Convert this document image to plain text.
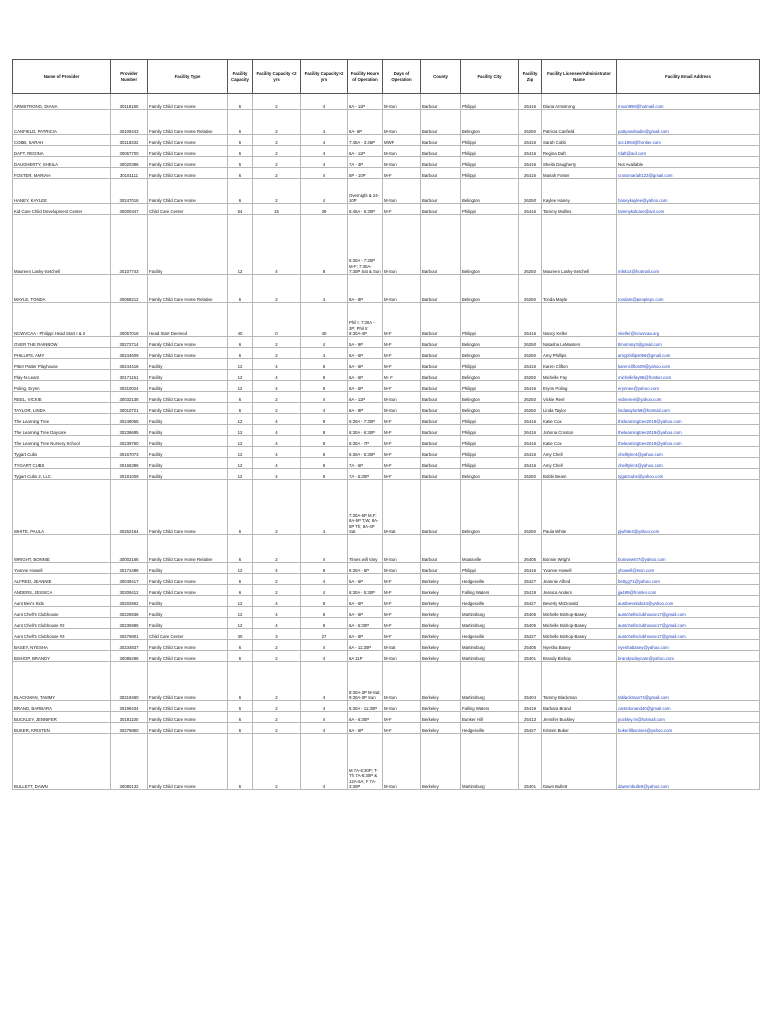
Name of Provider	Provider Number	Facility Type	Facility Capacity	Facility Capacity <2 yrs	Facility Capacity>2 yrs	Facility Hours of Operation	Days of Operation	County	Facility City	Facility Zip	Facility Licensee/Administrator Name	Facility Email Address
ARMSTRONG, DIANA	30118180	Family Child Care Home	6	2	4	6A - 11P	M-Sun	Barbour	Philippi	26416	Diana Armstrong	moon990@hotmail.com
CANFIELD, PATRICIA	30109443	Family Child Care Home Relative	6	2	4	6A- 6P	M-Sun	Barbour	Belington	26250	Patricia Canfield	pattyandsadie@gmail.com
COBB, SARAH	30118332	Family Child Care Home	6	2	4	7:45A - 3:45P	MWF	Barbour	Philippi	26416	Sarah Cobb	scc1994@frontier.com
DAFT, REGINA	30067700	Family Child Care Home	6	2	4	6A - 11P	M-Sun	Barbour	Philippi	26416	Regina Daft	rdaft@aol.com
DAUGHERTY, SHEILA	30020396	Family Child Care Home	6	2	4	7A - 4P	M-Sun	Barbour	Philippi	26416	Sheila Daugherty	Not Available
FOSTER, MARIAH	30181111	Family Child Care Home	6	2	4	5P - 10P	M-F	Barbour	Philippi	26416	Mariah Foster	crossmariah123@gmail.com
HANEY, KAYLEE	30247016	Family Child Care Home	6	2	4	Overnight & 24-10P	M-Sun	Barbour	Belington	26250	Kaylee Haney	haneykaylee@yahoo.com
Kid Care Child Development Center	30000347	Child Care Center	54	15	39	6:45A - 5:30P	M-F	Barbour	Philippi	26416	Tammy Mullins	tammykidcare@aol.com
Maureen Lasky-Setchell	30107743	Facility	12	4	8	6:30A - 7:30P M-F; 7:30A- 7:30P Sat & Sun	M-Sun	Barbour	Belington	26250	Maureen Lasky-Setchell	mlsk14@hotmail.com
MAYLE, TONDA	30068212	Family Child Care Home Relative	6	2	4	8A - 8P	M-Sun	Barbour	Belington	26250	Tonda Mayle	tondam@peoplepc.com
NCWVCAA - Philippi Head Start I & II	30057018	Head Start Deemed	40	0	40	Phil I: 7:30A - 3P; Phil II: 8:30A-4P	M-F	Barbour	Philippi	26416	Nancy Keller	nkeller@ncwvcaa.org
OVER THE RAINBOW	30272714	Family Child Care Home	6	2	4	5A - 9P	M-F	Barbour	Belington	26250	Natasha LeMasters	tlmommy3@gmail.com
PHILLIPS, AMY	30244609	Family Child Care Home	6	2	4	6A - 6P	M-F	Barbour	Belington	26250	Amy Phillips	amyphillips056@gmail.com
Pitter Patter Playhouse	30244416	Facility	12	4	8	6A - 6P	M-F	Barbour	Philippi	26416	Karen Clifton	karenclifton09@yahoo.com
Play-N-Learn	30171151	Facility	12	4	8	6A - 6P	M- F	Barbour	Belington	26250	Michelle Fay	michellefay96@frontier.com
Poling, Erynn	30210024	Facility	12	4	8	8A - 5P	M-F	Barbour	Philippi	26416	Erynn Poling	erynnee@yahoo.com
REEL, VICKIE	30032138	Family Child Care Home	6	2	4	6A - 11P	M-Sun	Barbour	Belington	26250	Vickie Reel	vickiereel@yahoo.com
TAYLOR, LINDA	30010721	Family Child Care Home	6	2	4	8A - 8P	M-Sun	Barbour	Belington	26250	Linda Taylor	lindataylor58@hotmail.com
The Learning Tree	30249065	Facility	12	4	8	6:30A - 7:30P	M-F	Barbour	Philippi	26416	Katie Cox	thelearningtree2019@yahoo.com
The Learning Tree Daycare	30239685	Facility	12	4	8	6:30A - 6:30P	M-F	Barbour	Philippi	26416	Johnna Croston	thelearningtree2019@yahoo.com
The Learning Tree Nursery School	30239760	Facility	12	4	8	6:30A - 7P	M-F	Barbour	Philippi	26416	Katie Cox	thelearningtree2019@yahoo.com
Tygart Cubs	30167073	Facility	12	4	8	6:30A - 5:30P	M-F	Barbour	Philippi	26416	Amy Chell	chelltyler4@yahoo.com
TYGART CUBS	30165396	Facility	12	4	8	7A - 6P	M-F	Barbour	Philippi	26416	Amy Chell	chelltyler4@yahoo.com
Tygart Cubs 2, LLC	30181009	Facility	12	4	8	7A - 5:30P	M-F	Barbour	Belington	26250	Bobbi Beam	tygartcubs@yahoo.com
WHITE, PAULA	30262164	Family Child Care Home	6	2	4	7:30A-5P M,F; 8A-5P T,W; 8A-5P Th; 8A-4P Sat	M-Sat	Barbour	Belington	26250	Paula White	pjwhite4@yahoo.com
WRIGHT, BONNIE	30002166	Family Child Care Home Relative	6	2	4	Times will Vary	M-Sun	Barbour	Moatsville	26405	Bonnie Wright	bonniewr07@yahoo.com
Yvonne Howell	30172488	Facility	12	4	8	6:30A - 6P	M-Sun	Barbour	Philippi	26416	Yvonne Howell	yhowell@msn.com
ALFRED, JEANNIE	30049417	Family Child Care Home	6	2	4	6A - 6P	M-F	Berkeley	Hedgesville	25427	Jeannie Alfred	bettyg71@yahoo.com
ANDERS, JESSICA	30209412	Family Child Care Home	6	2	4	6:30A - 5:30P	M-F	Berkeley	Falling Waters	25419	Jessica Anders	jja489@frontier.com
Aunt Bev's Kids	30202862	Facility	12	4	8	6A - 6P	M-F	Berkeley	Hedgesville	25427	Beverly McDonald	auntbevskids24@yahoo.com
Aunt Chell's Clubhouse	30226936	Facility	12	4	8	6A - 6P	M-F	Berkeley	Martinsburg	25405	Michelle Bishop-Basey	auntchellsclubhouse17@gmail.com
Aunt Chell's Clubhouse #2	30235985	Facility	12	4	8	6A - 5:30P	M-F	Berkeley	Martinsburg	25405	Michelle Bishop-Basey	auntchellsclubhouse17@gmail.com
Aunt Chell's Clubhouse #3	30276801	Child Care Center	30	3	27	6A - 6P	M-F	Berkeley	Hedgesville	25427	Michelle Bishop-Basey	auntchellsclubhouse17@gmail.com
BASEY, NYESHA	30234837	Family Child Care Home	6	2	4	6A - 11:30P	M-Sat	Berkeley	Martinsburg	25405	Nyesha Basey	nyeshabasey@yahoo.com
BISHOP, BRANDY	30086296	Family Child Care Home	6	2	4	6A 11P	M-Sun	Berkeley	Martinsburg	25401	Brandy Bishop	brandysdaycare@yahoo.com
BLACKMAN, TAMMY	30219460	Family Child Care Home	6	2	4	8:30A-3P M-Sat; 9:30A-3P Sun	M-Sun	Berkeley	Martinsburg	25404	Tammy Blackman	tablackman74@gmail.com
BRAND, BARBARA	30199434	Family Child Care Home	6	2	4	5:30A - 11:30P	M-Sun	Berkeley	Falling Waters	25419	Barbara Brand	cartedonand40@gmail.com
BUCKLEY, JENNIFER	30181100	Family Child Care Home	6	2	4	6A - 6:30P	M-F	Berkeley	Bunker Hill	25413	Jennifer Buckley	jrockley.rn@hotmail.com
BUKER, KRISTEN	30275860	Family Child Care Home	6	2	4	6A - 6P	M-F	Berkeley	Hedgesville	25427	Kristen Buker	bukerlilbunnies@yahoo.com
BULLETT, DAWN	30080132	Family Child Care Home	6	2	4	M 7A-6:30P; T-Th 7A-6:30P & 12A-6A; F 7A-3:30P	M-Sun	Berkeley	Martinsburg	25401	Dawn Bullett	dawnmbullett@yahoo.com
